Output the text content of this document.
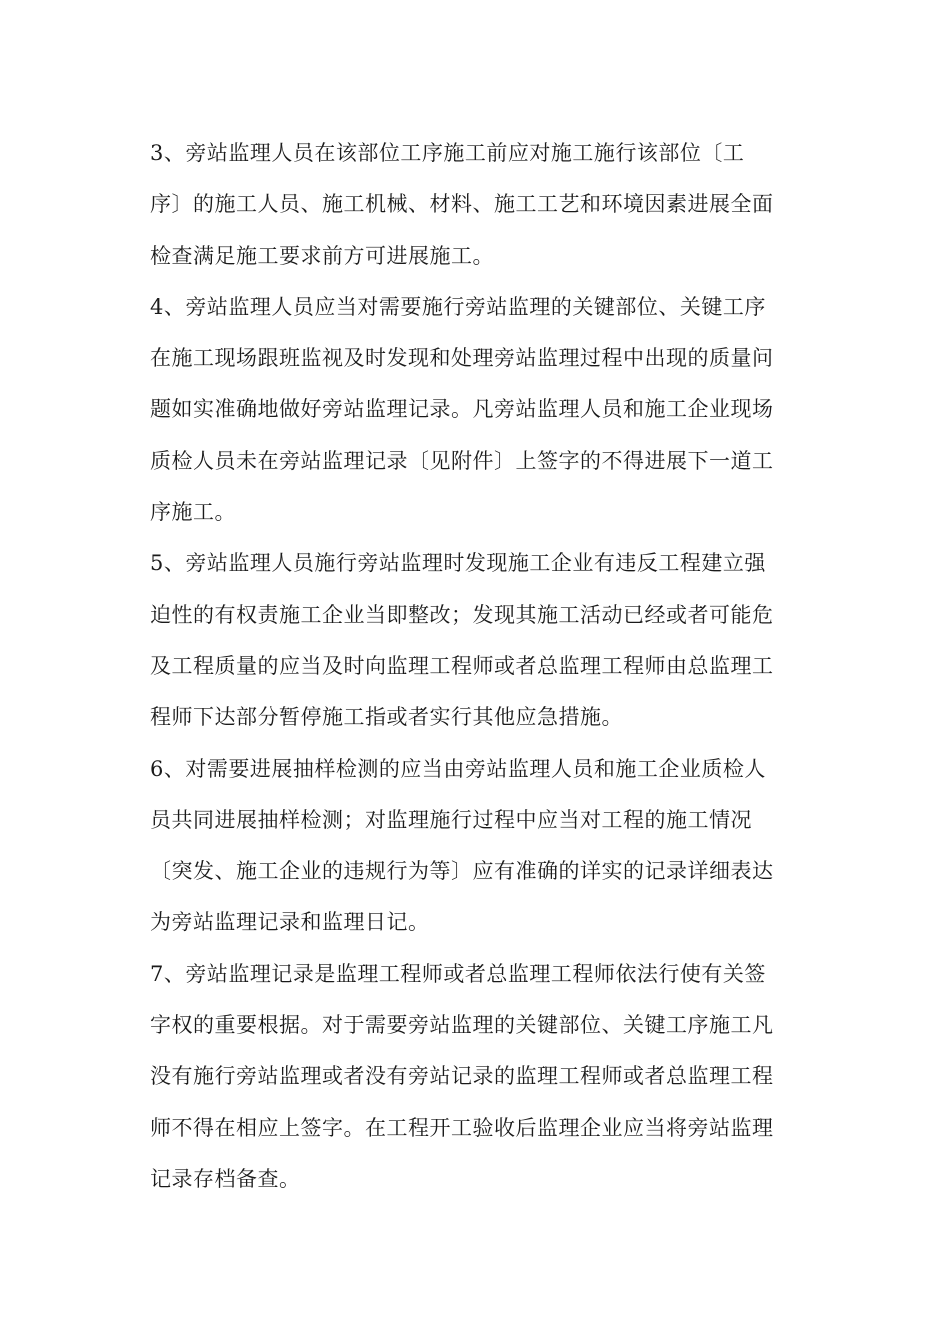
3、旁站监理人员在该部位工序施工前应对施工施行该部位〔工
序〕的施工人员、施工机械、材料、施工工艺和环境因素进展全面
检查满足施工要求前方可进展施工。
4、旁站监理人员应当对需要施行旁站监理的关键部位、关键工序
在施工现场跟班监视及时发现和处理旁站监理过程中出现的质量问
题如实准确地做好旁站监理记录。凡旁站监理人员和施工企业现场
质检人员未在旁站监理记录〔见附件〕上签字的不得进展下一道工
序施工。
5、旁站监理人员施行旁站监理时发现施工企业有违反工程建立强
迫性的有权责施工企业当即整改；发现其施工活动已经或者可能危
及工程质量的应当及时向监理工程师或者总监理工程师由总监理工
程师下达部分暂停施工指或者实行其他应急措施。
6、对需要进展抽样检测的应当由旁站监理人员和施工企业质检人
员共同进展抽样检测；对监理施行过程中应当对工程的施工情况
〔突发、施工企业的违规行为等〕应有准确的详实的记录详细表达
为旁站监理记录和监理日记。
7、旁站监理记录是监理工程师或者总监理工程师依法行使有关签
字权的重要根据。对于需要旁站监理的关键部位、关键工序施工凡
没有施行旁站监理或者没有旁站记录的监理工程师或者总监理工程
师不得在相应上签字。在工程开工验收后监理企业应当将旁站监理
记录存档备查。
